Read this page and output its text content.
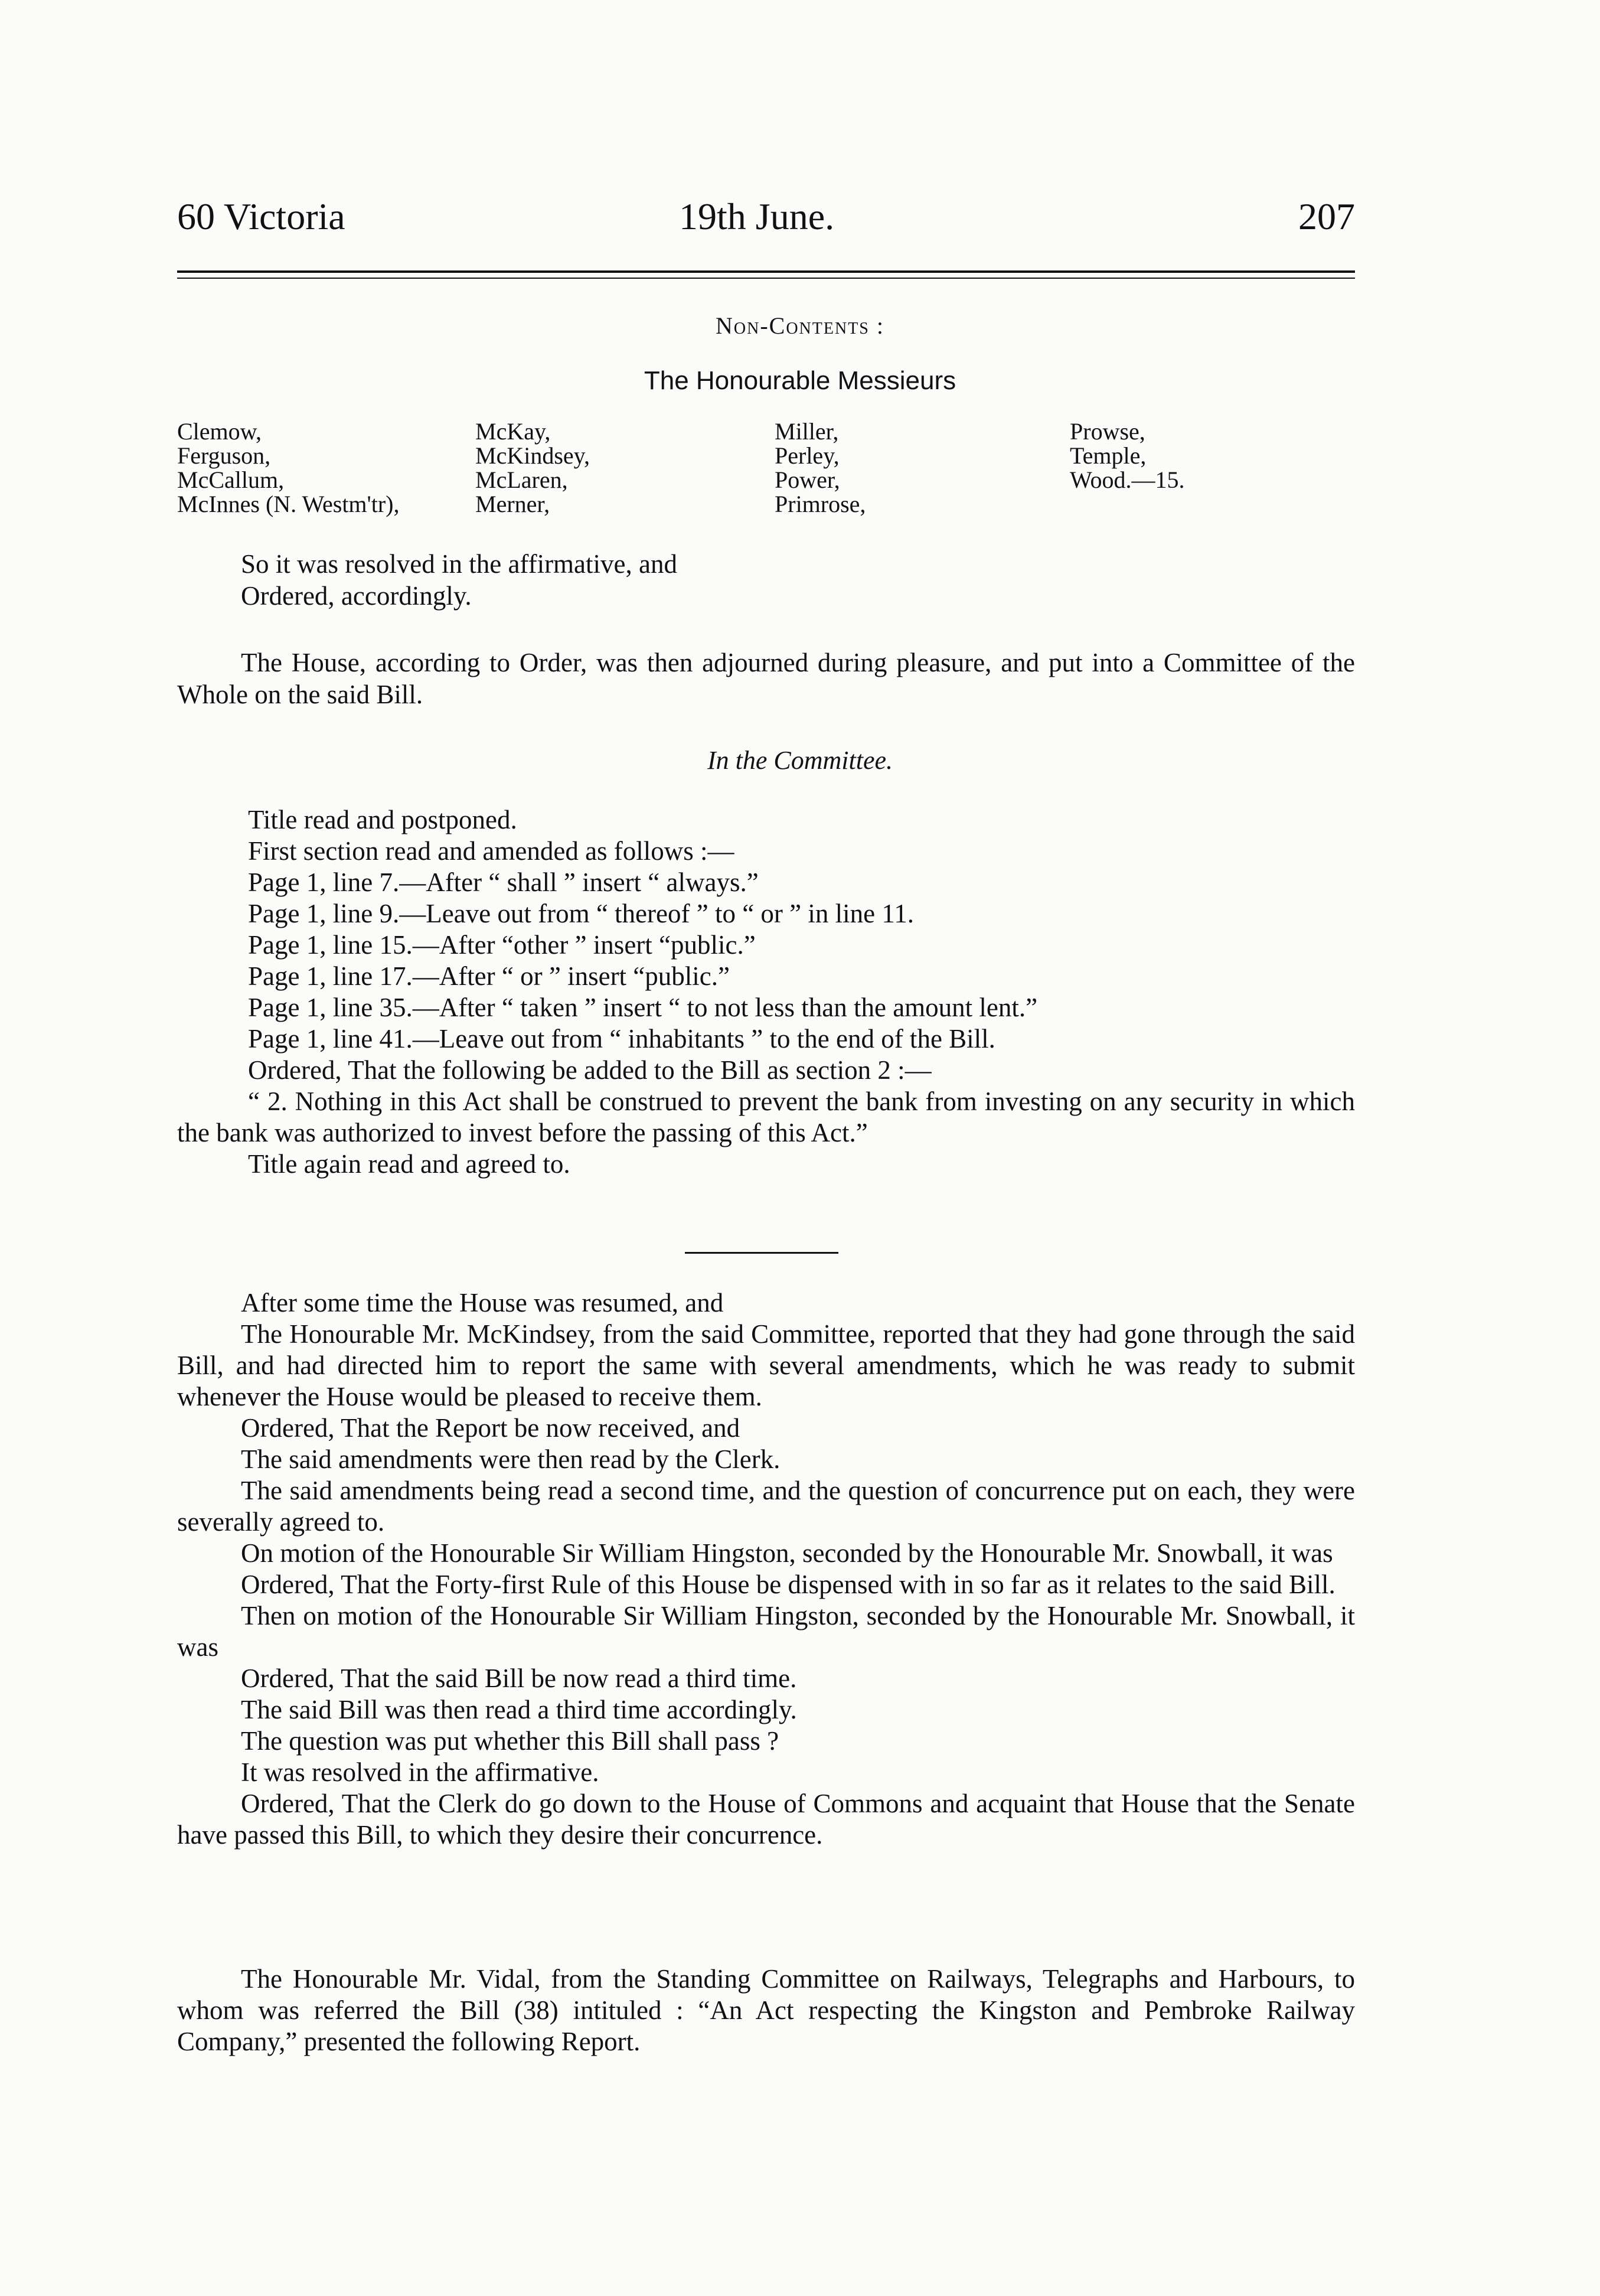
60 Victoria	19th June.	207
Non-Contents :
The Honourable Messieurs
Clemow,
Ferguson,
McCallum,
McInnes (N. Westm'tr),
McKay,
McKindsey,
McLaren,
Merner,
Miller,
Perley,
Power,
Primrose,
Prowse,
Temple,
Wood.—15.

So it was resolved in the affirmative, and

Ordered, accordingly.

The House, according to Order, was then adjourned during pleasure, and put into a Committee of the Whole on the said Bill.

In the Committee.
Title read and postponed.
First section read and amended as follows :—
Page 1, line 7.—After “ shall ” insert “ always.”
Page 1, line 9.—Leave out from “ thereof ” to “ or ” in line 11.
Page 1, line 15.—After “other ” insert “public.”
Page 1, line 17.—After “ or ” insert “public.”
Page 1, line 35.—After “ taken ” insert “ to not less than the amount lent.”
Page 1, line 41.—Leave out from “ inhabitants ” to the end of the Bill.
Ordered, That the following be added to the Bill as section 2 :—

“ 2. Nothing in this Act shall be construed to prevent the bank from investing on any security in which the bank was authorized to invest before the passing of this Act.”

Title again read and agreed to.

After some time the House was resumed, and

The Honourable Mr. McKindsey, from the said Committee, reported that they had gone through the said Bill, and had directed him to report the same with several amendments, which he was ready to submit whenever the House would be pleased to receive them.

Ordered, That the Report be now received, and

The said amendments were then read by the Clerk.

The said amendments being read a second time, and the question of concurrence put on each, they were severally agreed to.

On motion of the Honourable Sir William Hingston, seconded by the Honourable Mr. Snowball, it was

Ordered, That the Forty-first Rule of this House be dispensed with in so far as it relates to the said Bill.

Then on motion of the Honourable Sir William Hingston, seconded by the Honourable Mr. Snowball, it was

Ordered, That the said Bill be now read a third time.

The said Bill was then read a third time accordingly.

The question was put whether this Bill shall pass ?

It was resolved in the affirmative.

Ordered, That the Clerk do go down to the House of Commons and acquaint that House that the Senate have passed this Bill, to which they desire their concurrence.

The Honourable Mr. Vidal, from the Standing Committee on Railways, Telegraphs and Harbours, to whom was referred the Bill (38) intituled : “An Act respecting the Kingston and Pembroke Railway Company,” presented the following Report.
